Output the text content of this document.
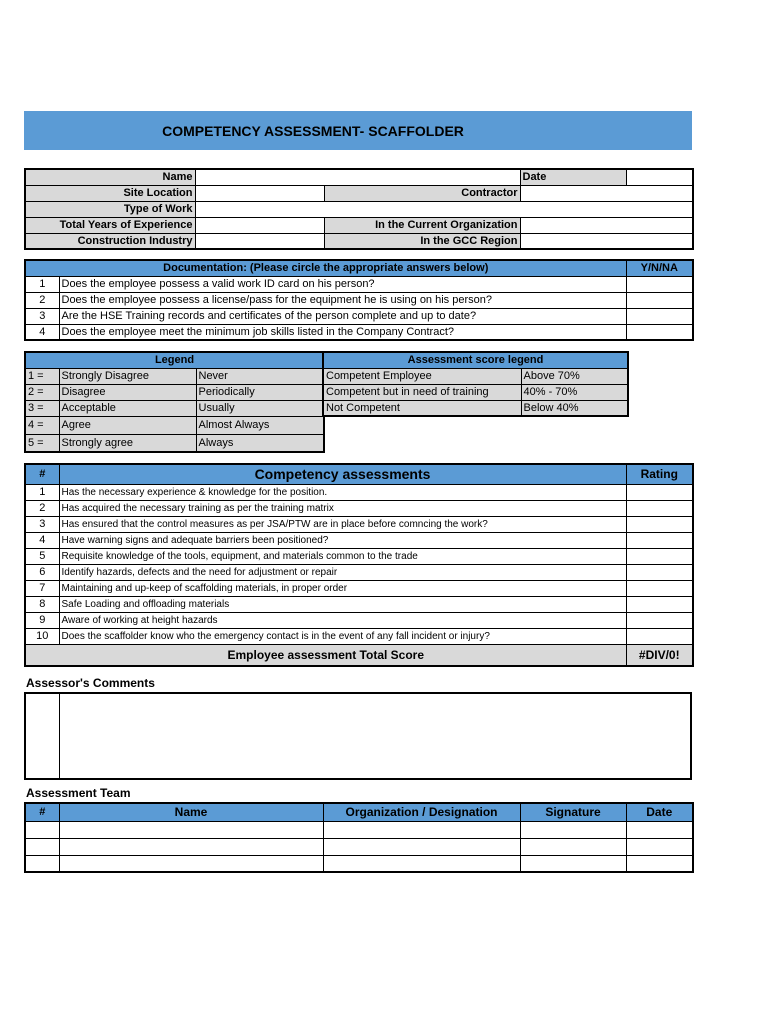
COMPETENCY ASSESSMENT- SCAFFOLDER
Name			Date	
Site Location		Contractor		
Type of Work				
Total Years of Experience		In the Current Organization		
Construction Industry		In the GCC Region		
Documentation: (Please circle the appropriate answers below)		Y/N/NA
1	Does the employee possess a valid work ID card on his person?	
2	Does the employee possess a license/pass for the equipment he is using on his person?	
3	Are the HSE Training records and certificates of the person complete and up to date?	
4	Does the employee meet the minimum job skills listed in the Company Contract?	
Legend		
1 =	Strongly Disagree	Never
2 =	Disagree	Periodically
3 =	Acceptable	Usually
4 =	Agree	Almost Always
5 =	Strongly agree	Always
Assessment score legend	
Competent Employee	Above 70%
Competent but in need of training	40% - 70%
Not Competent	Below 40%
#	Competency assessments	Rating
1	Has the necessary experience & knowledge for the position.	
2	Has acquired the necessary training as per the training matrix	
3	Has ensured that the control measures as per JSA/PTW are in place before comncing the work?	
4	Have warning signs and adequate barriers been positioned?	
5	Requisite knowledge of the tools, equipment, and materials common to the trade	
6	Identify hazards, defects and the need for adjustment or repair	
7	Maintaining and up-keep of scaffolding materials, in proper order	
8	Safe Loading and offloading materials	
9	Aware of working at height hazards	
10	Does the scaffolder know who the emergency contact is in the event of any fall incident or injury?	
Employee assessment Total Score		#DIV/0!
Assessor's Comments
Assessment Team
#	Name	Organization / Designation	Signature	Date
